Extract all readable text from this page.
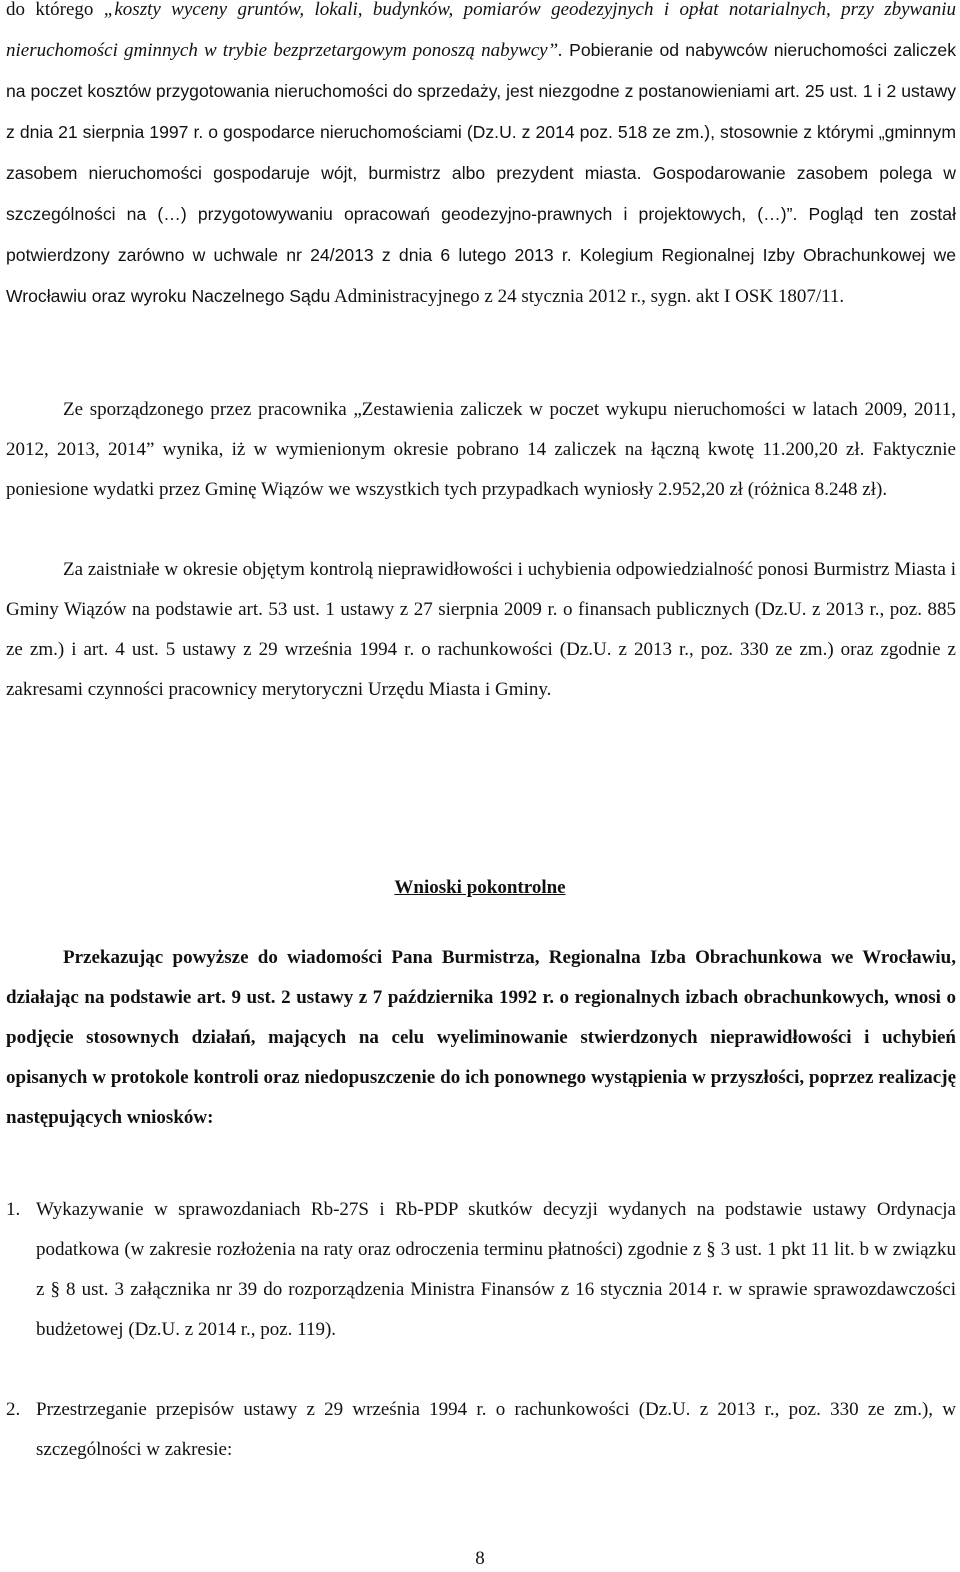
do którego „koszty wyceny gruntów, lokali, budynków, pomiarów geodezyjnych i opłat notarialnych, przy zbywaniu nieruchomości gminnych w trybie bezprzetargowym ponoszą nabywcy”. Pobieranie od nabywców nieruchomości zaliczek na poczet kosztów przygotowania nieruchomości do sprzedaży, jest niezgodne z postanowieniami art. 25 ust. 1 i 2 ustawy z dnia 21 sierpnia 1997 r. o gospodarce nieruchomościami (Dz.U. z 2014 poz. 518 ze zm.), stosownie z którymi „gminnym zasobem nieruchomości gospodaruje wójt, burmistrz albo prezydent miasta. Gospodarowanie zasobem polega w szczególności na (…) przygotowywaniu opracowań geodezyjno-prawnych i projektowych, (…)”. Pogląd ten został potwierdzony zarówno w uchwale nr 24/2013 z dnia 6 lutego 2013 r. Kolegium Regionalnej Izby Obrachunkowej we Wrocławiu oraz wyroku Naczelnego Sądu Administracyjnego z 24 stycznia 2012 r., sygn. akt I OSK 1807/11.

Ze sporządzonego przez pracownika „Zestawienia zaliczek w poczet wykupu nieruchomości w latach 2009, 2011, 2012, 2013, 2014” wynika, iż w wymienionym okresie pobrano 14 zaliczek na łączną kwotę 11.200,20 zł. Faktycznie poniesione wydatki przez Gminę Wiązów we wszystkich tych przypadkach wyniosły 2.952,20 zł (różnica 8.248 zł).

Za zaistniałe w okresie objętym kontrolą nieprawidłowości i uchybienia odpowiedzialność ponosi Burmistrz Miasta i Gminy Wiązów na podstawie art. 53 ust. 1 ustawy z 27 sierpnia 2009 r. o finansach publicznych (Dz.U. z 2013 r., poz. 885 ze zm.) i art. 4 ust. 5 ustawy z 29 września 1994 r. o rachunkowości (Dz.U. z 2013 r., poz. 330 ze zm.) oraz zgodnie z zakresami czynności pracownicy merytoryczni Urzędu Miasta i Gminy.

Wnioski pokontrolne

Przekazując powyższe do wiadomości Pana Burmistrza, Regionalna Izba Obrachunkowa we Wrocławiu, działając na podstawie art. 9 ust. 2 ustawy z 7 października 1992 r. o regionalnych izbach obrachunkowych, wnosi o podjęcie stosownych działań, mających na celu wyeliminowanie stwierdzonych nieprawidłowości i uchybień opisanych w protokole kontroli oraz niedopuszczenie do ich ponownego wystąpienia w przyszłości, poprzez realizację następujących wniosków:

1. Wykazywanie w sprawozdaniach Rb-27S i Rb-PDP skutków decyzji wydanych na podstawie ustawy Ordynacja podatkowa (w zakresie rozłożenia na raty oraz odroczenia terminu płatności) zgodnie z § 3 ust. 1 pkt 11 lit. b w związku z § 8 ust. 3 załącznika nr 39 do rozporządzenia Ministra Finansów z 16 stycznia 2014 r. w sprawie sprawozdawczości budżetowej (Dz.U. z 2014 r., poz. 119).
2. Przestrzeganie przepisów ustawy z 29 września 1994 r. o rachunkowości (Dz.U. z 2013 r., poz. 330 ze zm.), w szczególności w zakresie:
8
